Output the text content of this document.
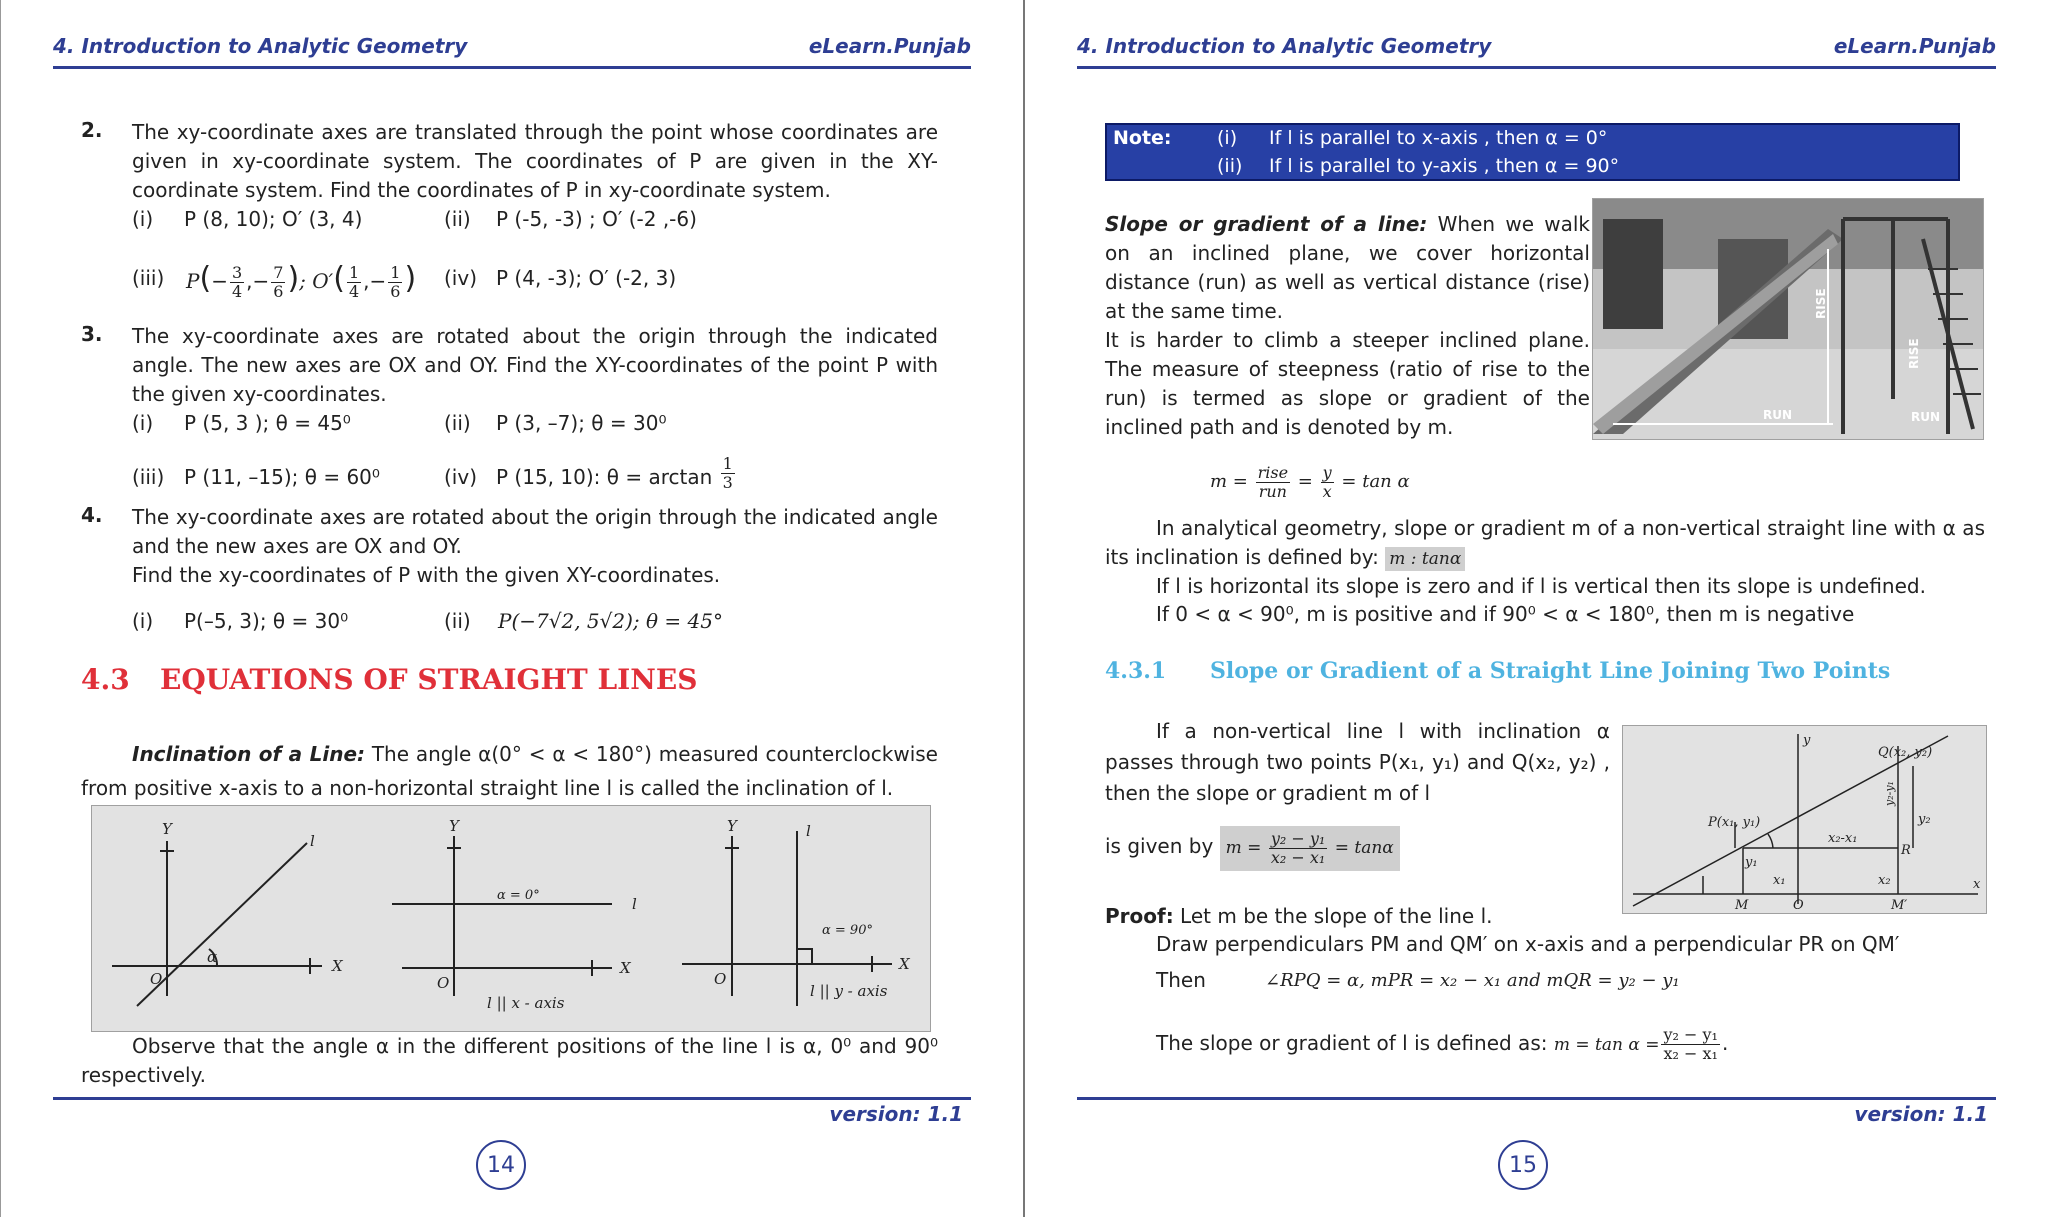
4. Introduction to Analytic Geometry	eLearn.Punjab
2. The xy-coordinate axes are translated through the point whose coordinates are given in xy-coordinate system. The coordinates of P are given in the XY-coordinate system. Find the coordinates of P in xy-coordinate system.
(i) P (8, 10); O′ (3, 4)	(ii) P (-5, -3) ; O′ (-2 ,-6)
(iii) $P(- \frac{3}{4}$ ,− $\frac{7}{6}$ ); $O'( \frac{1}{4}$ ,− $\frac{1}{6}$ ) (iv) P (4, -3); O′ (-2, 3)
3. The xy-coordinate axes are rotated about the origin through the indicated angle. The new axes are OX and OY. Find the XY-coordinates of the point P with the given xy-coordinates.
(i) P (5, 3 ); θ = 45⁰	(ii) P (3, –7); θ = 30⁰
(iii) P (11, –15); θ = 60⁰	(iv) P (15, 10): $\theta = \arctan \frac{1}{3}$
4. The xy-coordinate axes are rotated about the origin through the indicated angle and the new axes are OX and OY.
Find the xy-coordinates of P with the given XY-coordinates.
(i) P(–5, 3); θ = 30⁰	(ii) P(−7√2, 5√2); θ = 45°
4.3 EQUATIONS OF STRAIGHT LINES
Inclination of a Line: The angle α(0° < α < 180°) measured counterclockwise from positive x-axis to a non-horizontal straight line l is called the inclination of l.
Y
X
O
l
α
Y
X
O
l
α = 0°
l || x - axis
Y
X
O
l
α = 90°
l || y - axis
Observe that the angle α in the different positions of the line l is α, 0⁰ and 90⁰ respectively.
version: 1.1
14
4. Introduction to Analytic Geometry	eLearn.Punjab
Note: (i) If l is parallel to x-axis , then α = 0°
(ii) If l is parallel to y-axis , then α = 90°
Slope or gradient of a line: When we walk on an inclined plane, we cover horizontal distance (run) as well as vertical distance (rise) at the same time.
It is harder to climb a steeper inclined plane. The measure of steepness (ratio of rise to the run) is termed as slope or gradient of the inclined path and is denoted by m.
RISE
RISE
RUN	RUN
$m = \frac{\text{rise}}{\text{run}} = \frac{y}{x} = \tan \alpha$
In analytical geometry, slope or gradient m of a non-vertical straight line with α as its inclination is defined by: m : tanα
If l is horizontal its slope is zero and if l is vertical then its slope is undefined.
If 0 < α < 90⁰, m is positive and if 90⁰ < α < 180⁰, then m is negative
4.3.1 Slope or Gradient of a Straight Line Joining Two Points
If a non-vertical line l with inclination α passes through two points P(x₁, y₁) and Q(x₂, y₂) , then the slope or gradient m of l
is given by $m = \frac{\text{y₂ − y₁}}{\text{x₂ − x₁}} = \tan\alpha$
y
x
Q(x₂, y₂)
P(x₁, y₁)
R
M	O	M′
x₁	x₂
y₁
y₂
x₂-x₁
y₂-y₁
Proof: Let m be the slope of the line l.
Draw perpendiculars PM and QM′ on x-axis and a perpendicular PR on QM′
Then	∠RPQ = α, mPR = x₂ − x₁ and mQR = y₂ − y₁
The slope or gradient of l is defined as: $m = \tan \alpha = \frac{\text{y₂ − y₁}}{\text{x₂ − x₁}}$ .
version: 1.1
15
